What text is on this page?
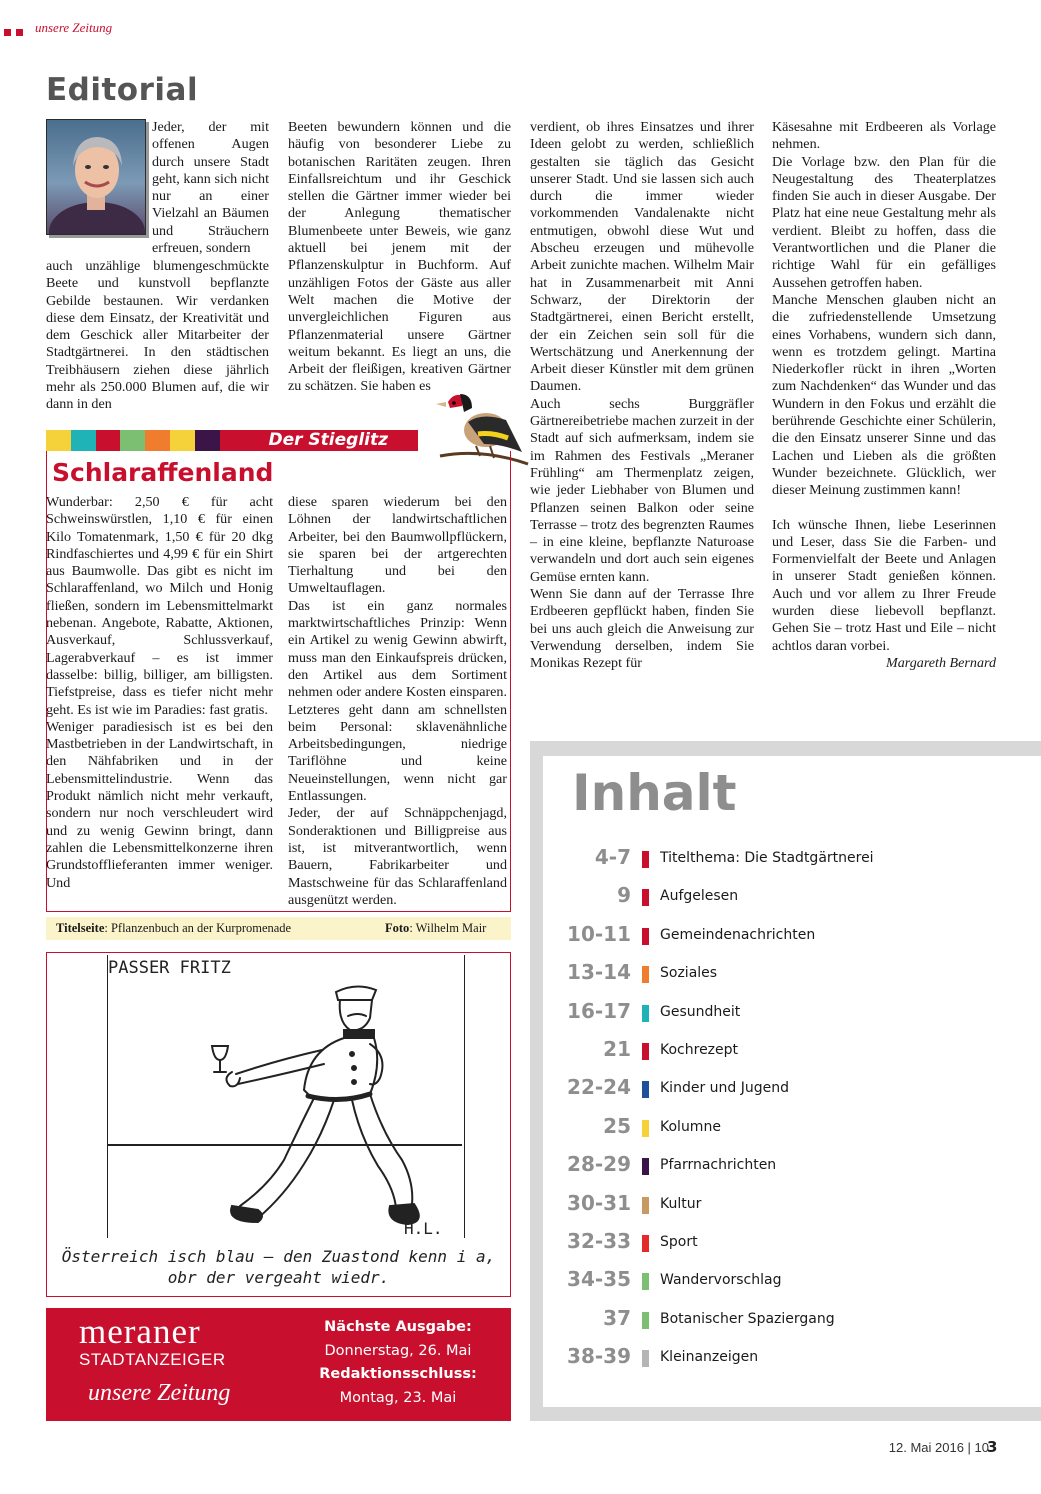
unsere Zeitung
Editorial
Jeder, der mit offenen Augen durch unsere Stadt geht, kann sich nicht nur an einer Vielzahl an Bäumen und Sträuchern erfreuen, sondern
auch unzählige blumengeschmückte Beete und kunstvoll bepflanzte Gebilde bestaunen. Wir verdanken diese dem Einsatz, der Kreativität und dem Geschick aller Mitarbeiter der Stadtgärtnerei. In den städtischen Treibhäusern ziehen diese jährlich mehr als 250.000 Blumen auf, die wir dann in den

Beeten bewundern können und die häufig von besonderer Liebe zu botanischen Raritäten zeugen. Ihren Einfallsreichtum und ihr Geschick stellen die Gärtner immer wieder bei der Anlegung thematischer Blumenbeete unter Beweis, wie ganz aktuell bei jenem mit der Pflanzenskulptur in Buchform. Auf unzähligen Fotos der Gäste aus aller Welt machen die Motive der unvergleichlichen Figuren aus Pflanzenmaterial unsere Gärtner weitum bekannt. Es liegt an uns, die Arbeit der fleißigen, kreativen Gärtner zu schätzen. Sie haben es

verdient, ob ihres Einsatzes und ihrer Ideen gelobt zu werden, schließlich gestalten sie täglich das Gesicht unserer Stadt. Und sie lassen sich auch durch die immer wieder vorkommenden Vandalenakte nicht entmutigen, obwohl diese Wut und Abscheu erzeugen und mühevolle Arbeit zunichte machen. Wilhelm Mair hat in Zusammenarbeit mit Anni Schwarz, der Direktorin der Stadtgärtnerei, einen Bericht erstellt, der ein Zeichen sein soll für die Wertschätzung und Anerkennung der Arbeit dieser Künstler mit dem grünen Daumen.

Auch sechs Burggräfler Gärtnereibetriebe machen zurzeit in der Stadt auf sich aufmerksam, indem sie im Rahmen des Festivals „Meraner Frühling“ am Thermenplatz zeigen, wie jeder Liebhaber von Blumen und Pflanzen seinen Balkon oder seine Terrasse – trotz des begrenzten Raumes – in eine kleine, bepflanzte Naturoase verwandeln und dort auch sein eigenes Gemüse ernten kann.

Wenn Sie dann auf der Terrasse Ihre Erdbeeren gepflückt haben, finden Sie bei uns auch gleich die Anweisung zur Verwendung derselben, indem Sie Monikas Rezept für

Käsesahne mit Erdbeeren als Vorlage nehmen.

Die Vorlage bzw. den Plan für die Neugestaltung des Theaterplatzes finden Sie auch in dieser Ausgabe. Der Platz hat eine neue Gestaltung mehr als verdient. Bleibt zu hoffen, dass die Verantwortlichen und die Planer die richtige Wahl für ein gefälliges Aussehen getroffen haben.

Manche Menschen glauben nicht an die zufriedenstellende Umsetzung eines Vorhabens, wundern sich dann, wenn es trotzdem gelingt. Martina Niederkofler rückt in ihren „Worten zum Nachdenken“ das Wunder und das Wundern in den Fokus und erzählt die berührende Geschichte einer Schülerin, die den Einsatz unserer Sinne und das Lachen und Lieben als die größten Wunder bezeichnete. Glücklich, wer dieser Meinung zustimmen kann!

Ich wünsche Ihnen, liebe Leserinnen und Leser, dass Sie die Farben- und Formenvielfalt der Beete und Anlagen in unserer Stadt genießen können. Auch und vor allem zu Ihrer Freude wurden diese liebevoll bepflanzt. Gehen Sie – trotz Hast und Eile – nicht achtlos daran vorbei.

Margareth Bernard

Der Stieglitz
Schlaraffenland

Wunderbar: 2,50 € für acht Schweinswürstlen, 1,10 € für einen Kilo Tomatenmark, 1,50 € für 20 dkg Rindfaschiertes und 4,99 € für ein Shirt aus Baumwolle. Das gibt es nicht im Schlaraffenland, wo Milch und Honig fließen, sondern im Lebensmittelmarkt nebenan. Angebote, Rabatte, Aktionen, Ausverkauf, Schlussverkauf, Lagerabverkauf – es ist immer dasselbe: billig, billiger, am billigsten. Tiefstpreise, dass es tiefer nicht mehr geht. Es ist wie im Paradies: fast gratis.

Weniger paradiesisch ist es bei den Mastbetrieben in der Landwirtschaft, in den Nähfabriken und in der Lebensmittelindustrie. Wenn das Produkt nämlich nicht mehr verkauft, sondern nur noch verschleudert wird und zu wenig Gewinn bringt, dann zahlen die Lebensmittelkonzerne ihren Grundstofflieferanten immer weniger. Und

diese sparen wiederum bei den Löhnen der landwirtschaftlichen Arbeiter, bei den Baumwollpflückern, sie sparen bei der artgerechten Tierhaltung und bei den Umweltauflagen.

Das ist ein ganz normales marktwirtschaftliches Prinzip: Wenn ein Artikel zu wenig Gewinn abwirft, muss man den Einkaufspreis drücken, den Artikel aus dem Sortiment nehmen oder andere Kosten einsparen. Letzteres geht dann am schnellsten beim Personal: sklavenähnliche Arbeitsbedingungen, niedrige Tariflöhne und keine Neueinstellungen, wenn nicht gar Entlassungen.

Jeder, der auf Schnäppchenjagd, Sonderaktionen und Billigpreise aus ist, ist mitverantwortlich, wenn Bauern, Fabrikarbeiter und Mastschweine für das Schlaraffenland ausgenützt werden.

Titelseite: Pflanzenbuch an der Kurpromenade	Foto: Wilhelm Mair
PASSER FRITZ
H.L.
Österreich isch blau – den Zuastond kenn i a,
obr der vergeaht wiedr.
meraner
STADTANZEIGER
unsere Zeitung
Nächste Ausgabe:
Donnerstag, 26. Mai
Redaktionsschluss:
Montag, 23. Mai
Inhalt
4-7 Titelthema: Die Stadtgärtnerei
9 Aufgelesen
10-11 Gemeindenachrichten
13-14 Soziales
16-17 Gesundheit
21 Kochrezept
22-24 Kinder und Jugend
25 Kolumne
28-29 Pfarrnachrichten
30-31 Kultur
32-33 Sport
34-35 Wandervorschlag
37 Botanischer Spaziergang
38-39 Kleinanzeigen
12. Mai 2016 | 10
3
